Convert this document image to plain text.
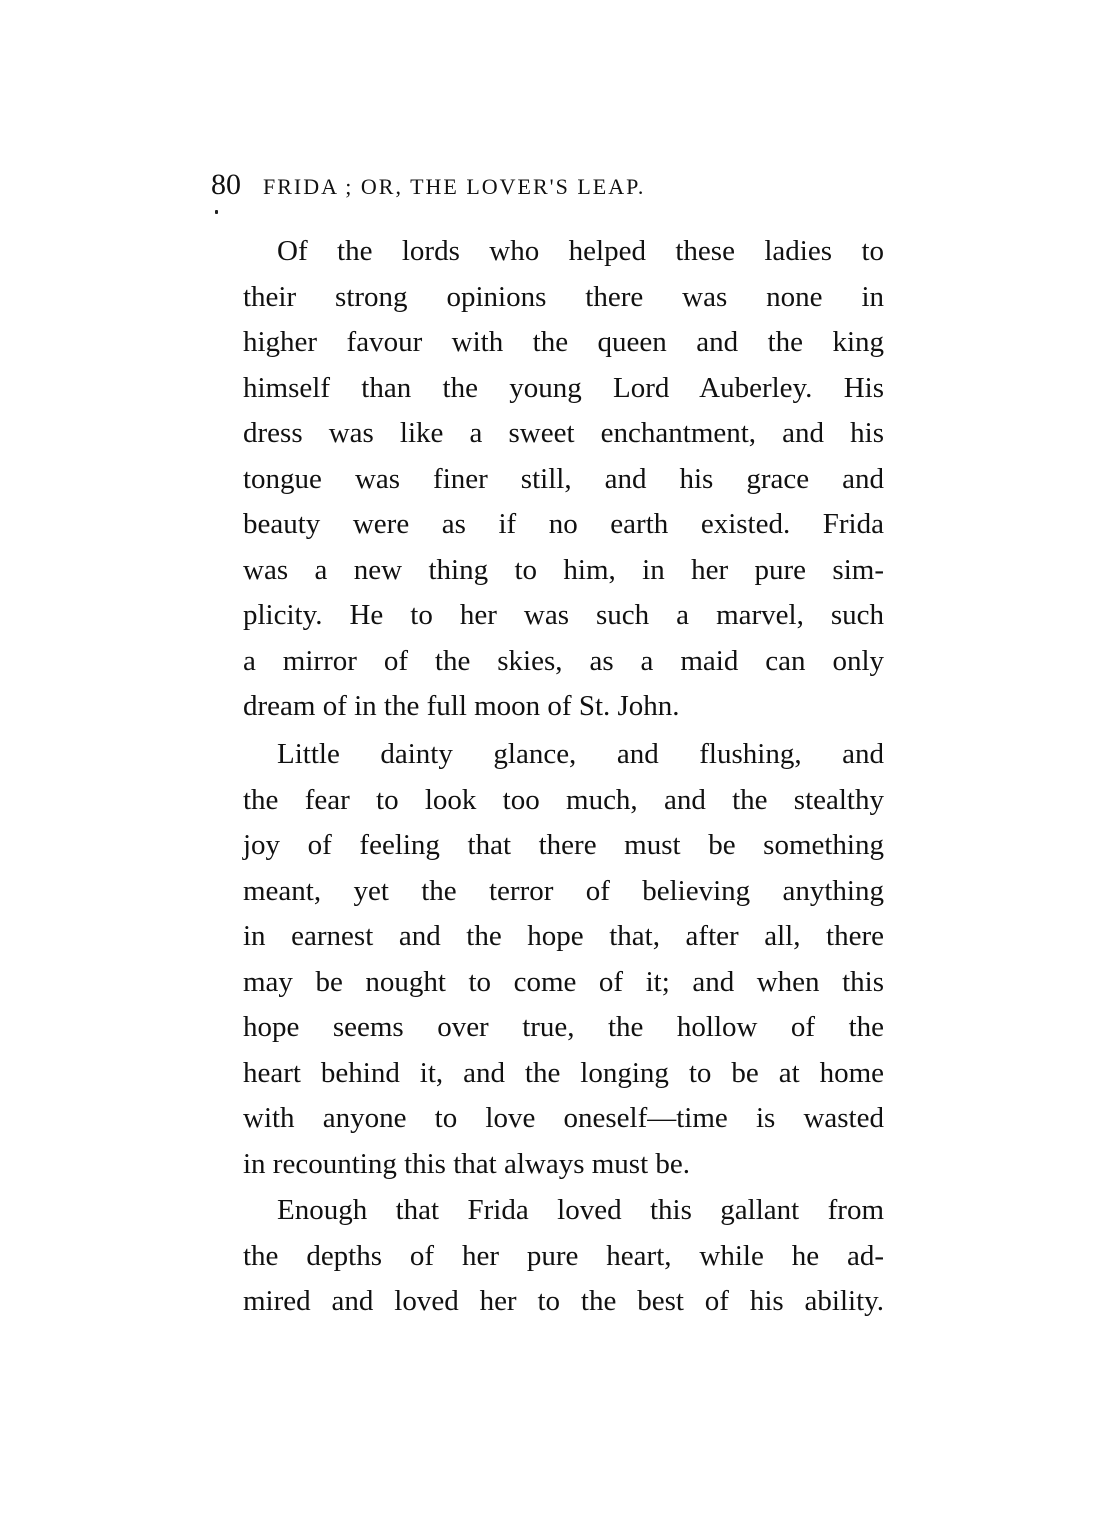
80 FRIDA ; OR, THE LOVER'S LEAP.
Of the lords who helped these ladies to
their strong opinions there was none in
higher favour with the queen and the king
himself than the young Lord Auberley. His
dress was like a sweet enchantment, and his
tongue was finer still, and his grace and
beauty were as if no earth existed. Frida
was a new thing to him, in her pure sim-
plicity. He to her was such a marvel, such
a mirror of the skies, as a maid can only
dream of in the full moon of St. John.
Little dainty glance, and flushing, and
the fear to look too much, and the stealthy
joy of feeling that there must be something
meant, yet the terror of believing anything
in earnest and the hope that, after all, there
may be nought to come of it; and when this
hope seems over true, the hollow of the
heart behind it, and the longing to be at home
with anyone to love oneself—time is wasted
in recounting this that always must be.
Enough that Frida loved this gallant from
the depths of her pure heart, while he ad-
mired and loved her to the best of his ability.
